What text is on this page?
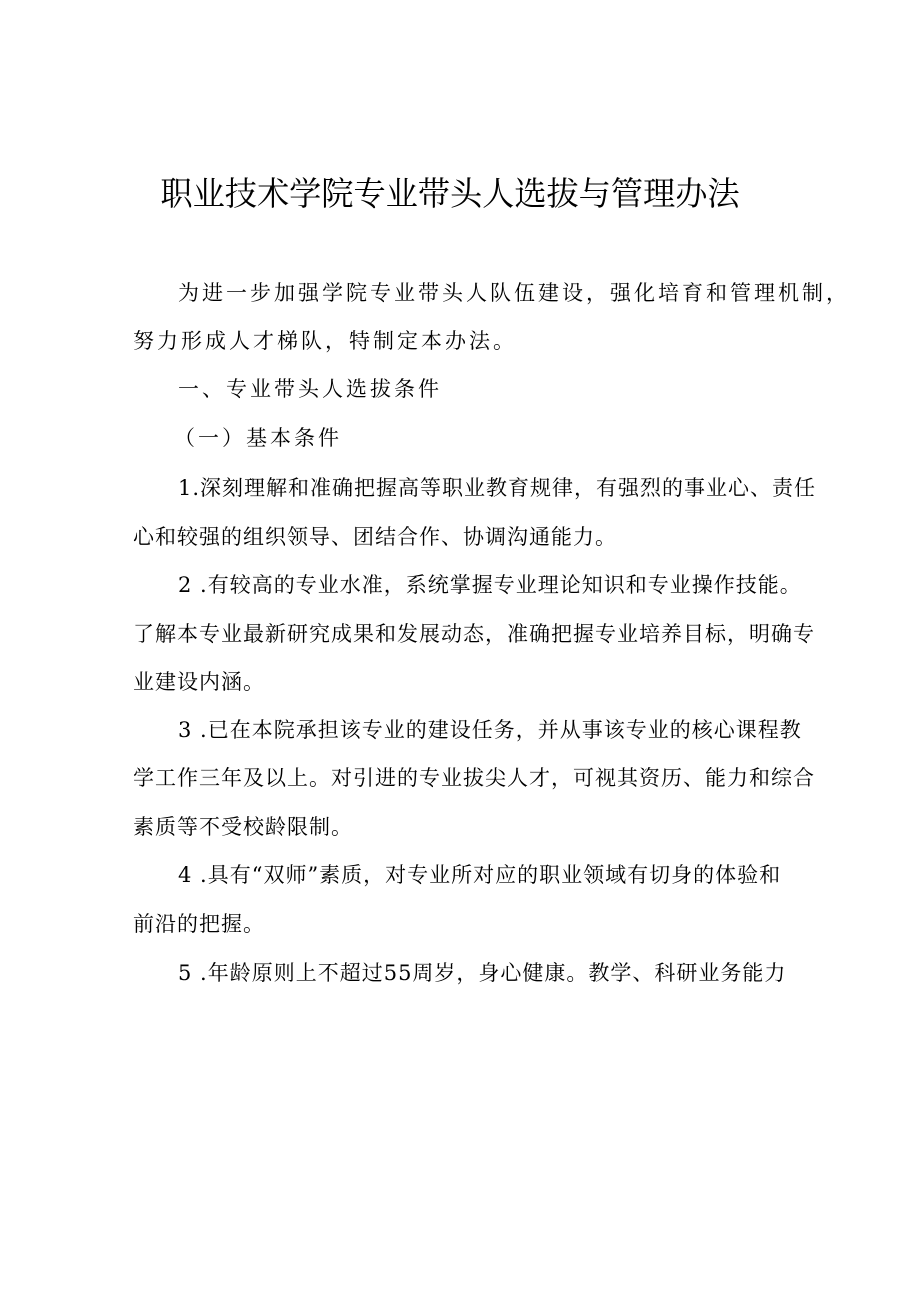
职业技术学院专业带头人选拔与管理办法
为进一步加强学院专业带头人队伍建设，强化培育和管理机制，
努力形成人才梯队，特制定本办法。
一、专业带头人选拔条件
（一）基本条件
1.深刻理解和准确把握高等职业教育规律，有强烈的事业心、责任
心和较强的组织领导、团结合作、协调沟通能力。
2 .有较高的专业水准，系统掌握专业理论知识和专业操作技能。
了解本专业最新研究成果和发展动态，准确把握专业培养目标，明确专
业建设内涵。
3 .已在本院承担该专业的建设任务，并从事该专业的核心课程教
学工作三年及以上。对引进的专业拔尖人才，可视其资历、能力和综合
素质等不受校龄限制。
4 .具有“双师”素质，对专业所对应的职业领域有切身的体验和
前沿的把握。
5 .年龄原则上不超过55周岁，身心健康。教学、科研业务能力
